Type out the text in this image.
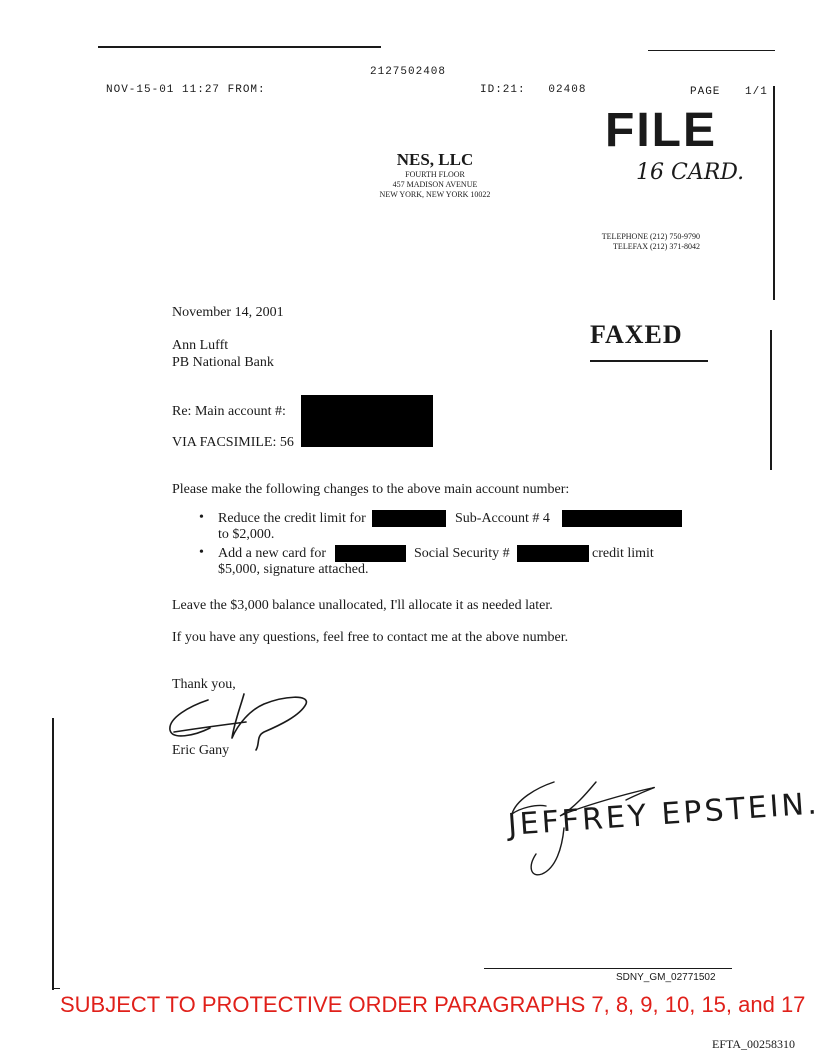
NOV-15-01 11:27 FROM:
2127502408
ID:21:   02408	PAGE 1/1
FILE
16 CARD.
NES, LLC
FOURTH FLOOR
457 MADISON AVENUE
NEW YORK, NEW YORK 10022
TELEPHONE (212) 750-9790
TELEFAX (212) 371-8042
November 14, 2001
Ann Lufft
PB National Bank
FAXED
Re: Main account #:
VIA FACSIMILE: 56
Please make the following changes to the above main account number:
• Reduce the credit limit for	Sub-Account # 4
to $2,000.
• Add a new card for	Social Security #	credit limit
$5,000, signature attached.
Leave the $3,000 balance unallocated, I'll allocate it as needed later.
If you have any questions, feel free to contact me at the above number.
Thank you,
Eric Gany
JEFFREY EPSTEIN.
SDNY_GM_02771502
SUBJECT TO PROTECTIVE ORDER PARAGRAPHS 7, 8, 9, 10, 15, and 17
EFTA_00258310
